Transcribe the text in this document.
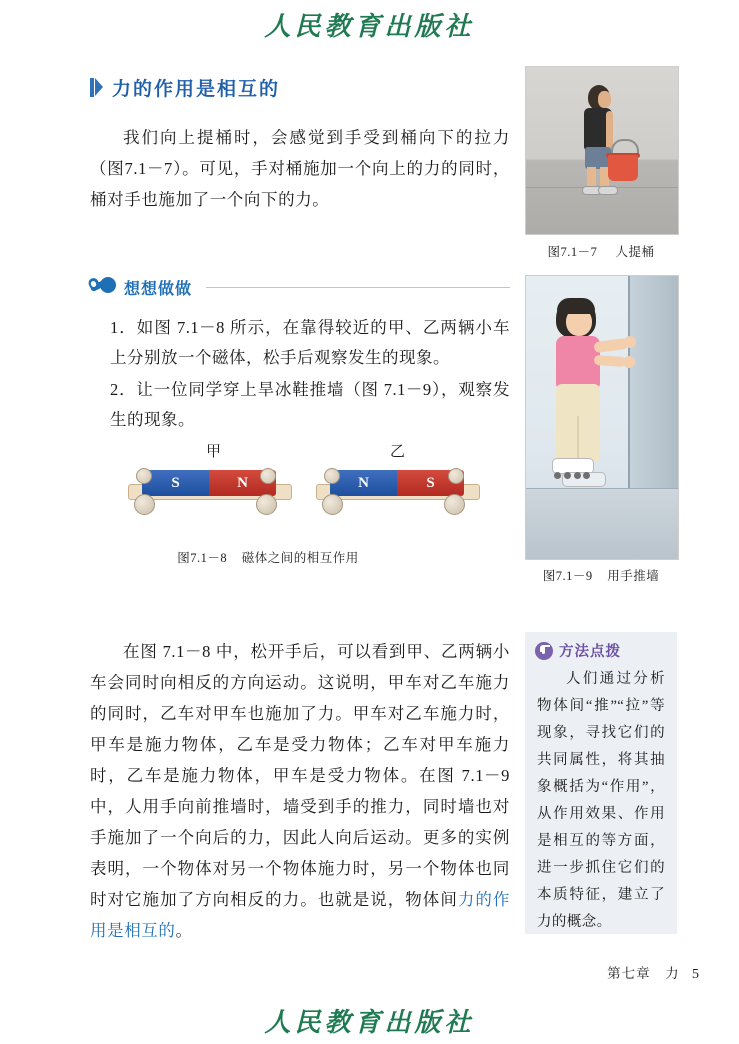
人民教育出版社
力的作用是相互的
我们向上提桶时，会感觉到手受到桶向下的拉力（图7.1－7）。可见，手对桶施加一个向上的力的同时，桶对手也施加了一个向下的力。
图7.1－7 人提桶
想想做做
1．如图 7.1－8 所示，在靠得较近的甲、乙两辆小车上分别放一个磁体，松手后观察发生的现象。
2．让一位同学穿上旱冰鞋推墙（图 7.1－9），观察发生的现象。
甲	乙
S	N	N	S
图7.1－8 磁体之间的相互作用
图7.1－9 用手推墙
在图 7.1－8 中，松开手后，可以看到甲、乙两辆小车会同时向相反的方向运动。这说明，甲车对乙车施力的同时，乙车对甲车也施加了力。甲车对乙车施力时，甲车是施力物体，乙车是受力物体；乙车对甲车施力时，乙车是施力物体，甲车是受力物体。在图 7.1－9 中，人用手向前推墙时，墙受到手的推力，同时墙也对手施加了一个向后的力，因此人向后运动。更多的实例表明，一个物体对另一个物体施力时，另一个物体也同时对它施加了方向相反的力。也就是说，物体间力的作用是相互的。
方法点拨
人们通过分析物体间“推”“拉”等现象，寻找它们的共同属性，将其抽象概括为“作用”，从作用效果、作用是相互的等方面，进一步抓住它们的本质特征，建立了力的概念。
第七章　力 5
人民教育出版社
